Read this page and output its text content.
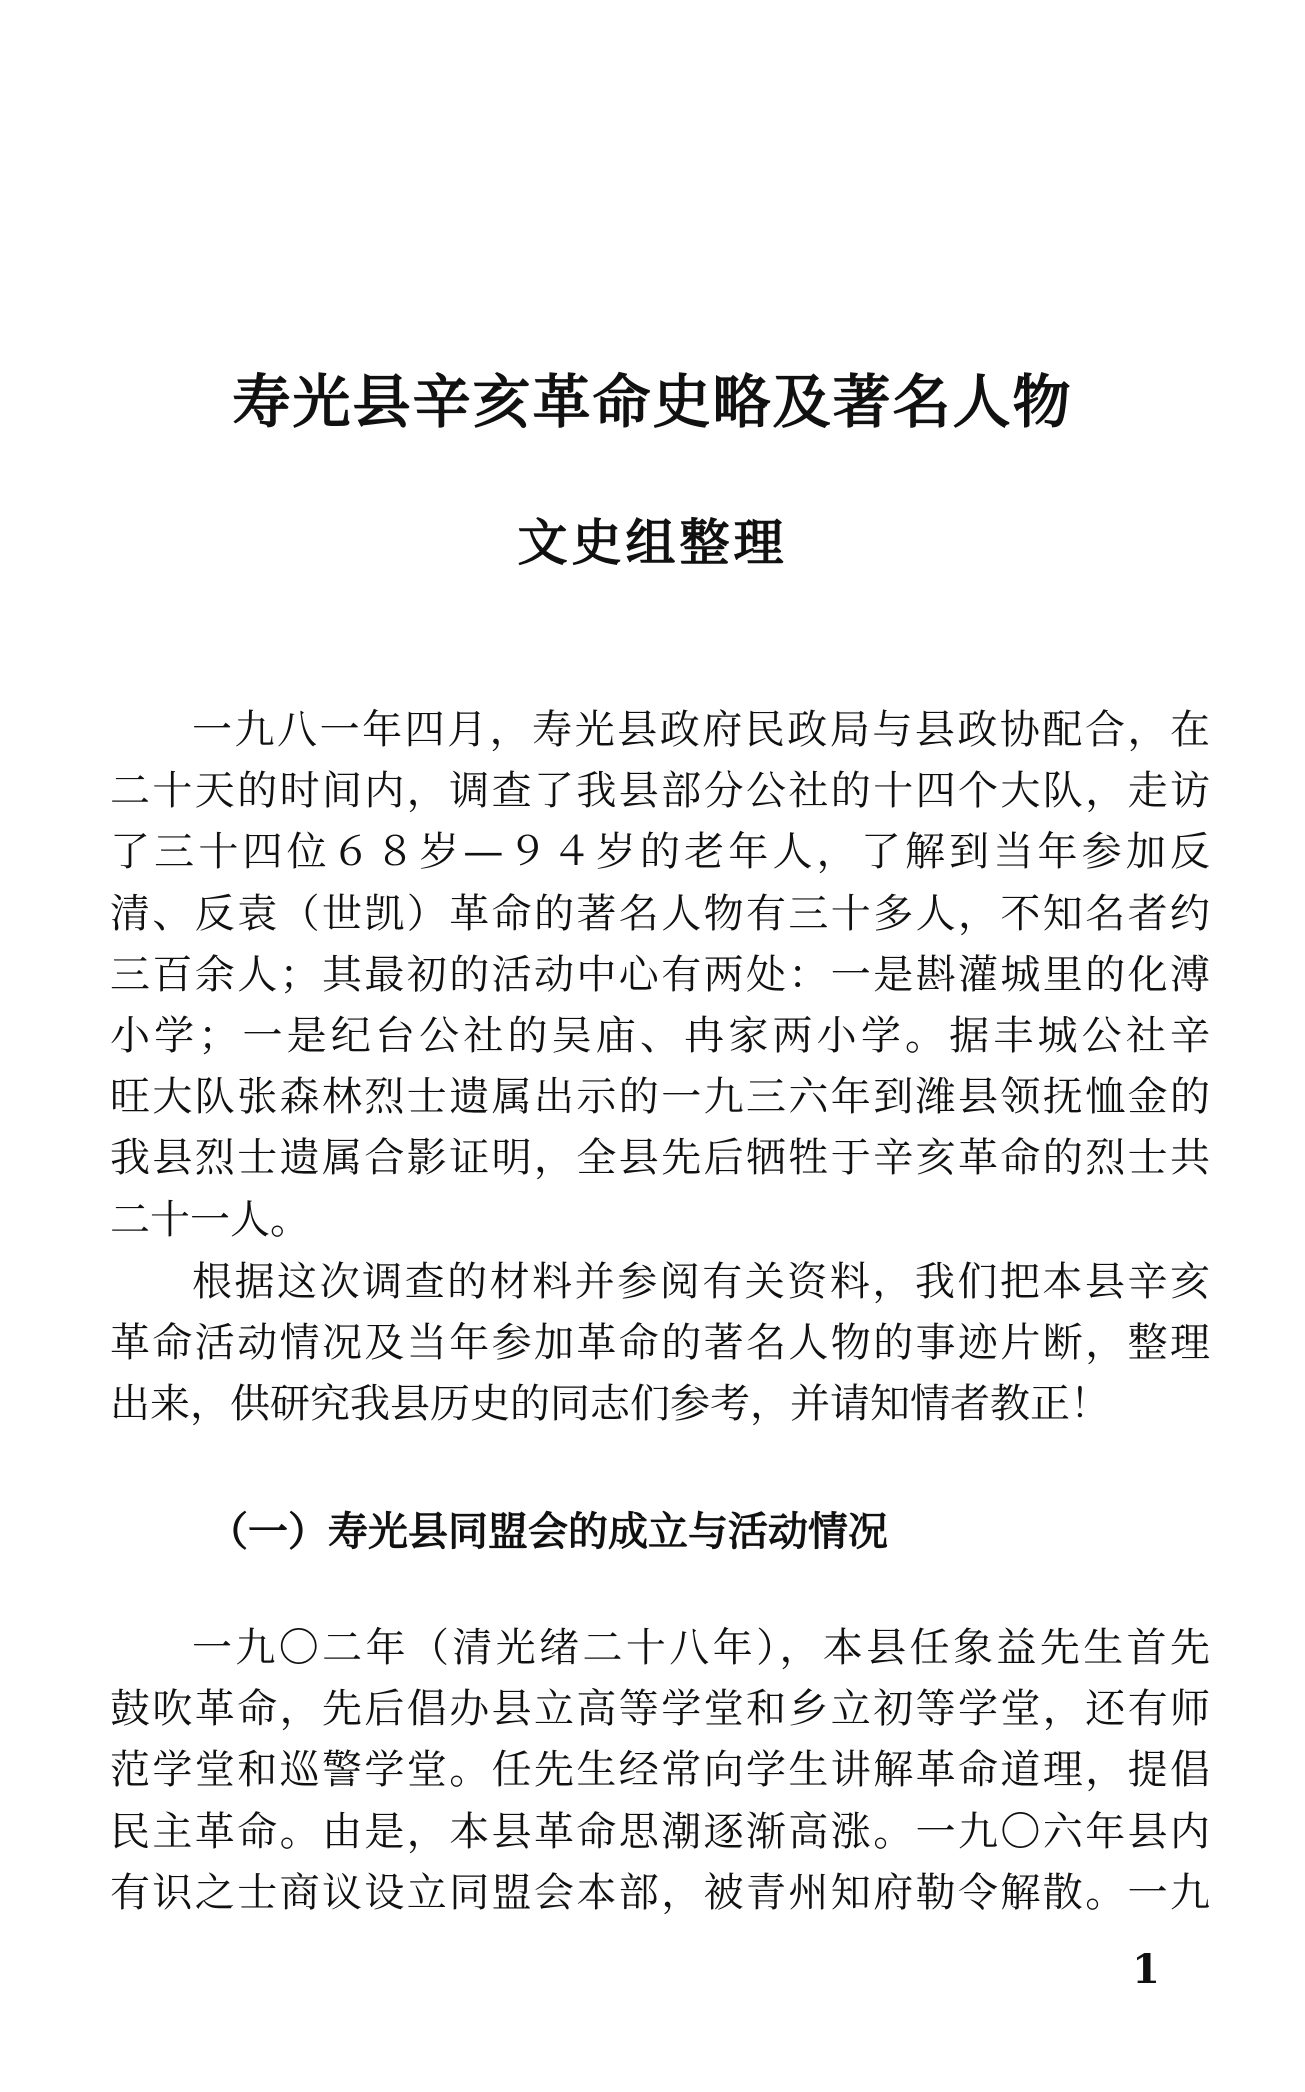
寿光县辛亥革命史略及著名人物
文史组整理
一九八一年四月，寿光县政府民政局与县政协配合，在
二十天的时间内，调查了我县部分公社的十四个大队，走访
了三十四位６８岁—９４岁的老年人，了解到当年参加反
清、反袁（世凯）革命的著名人物有三十多人，不知名者约
三百余人；其最初的活动中心有两处：一是斟灌城里的化溥
小学；一是纪台公社的吴庙、冉家两小学。据丰城公社辛
旺大队张森林烈士遗属出示的一九三六年到潍县领抚恤金的
我县烈士遗属合影证明，全县先后牺牲于辛亥革命的烈士共
二十一人。
根据这次调查的材料并参阅有关资料，我们把本县辛亥
革命活动情况及当年参加革命的著名人物的事迹片断，整理
出来，供研究我县历史的同志们参考，并请知情者教正！
（一）寿光县同盟会的成立与活动情况
一九〇二年（清光绪二十八年），本县任象益先生首先
鼓吹革命，先后倡办县立高等学堂和乡立初等学堂，还有师
范学堂和巡警学堂。任先生经常向学生讲解革命道理，提倡
民主革命。由是，本县革命思潮逐渐高涨。一九〇六年县内
有识之士商议设立同盟会本部，被青州知府勒令解散。一九
1
